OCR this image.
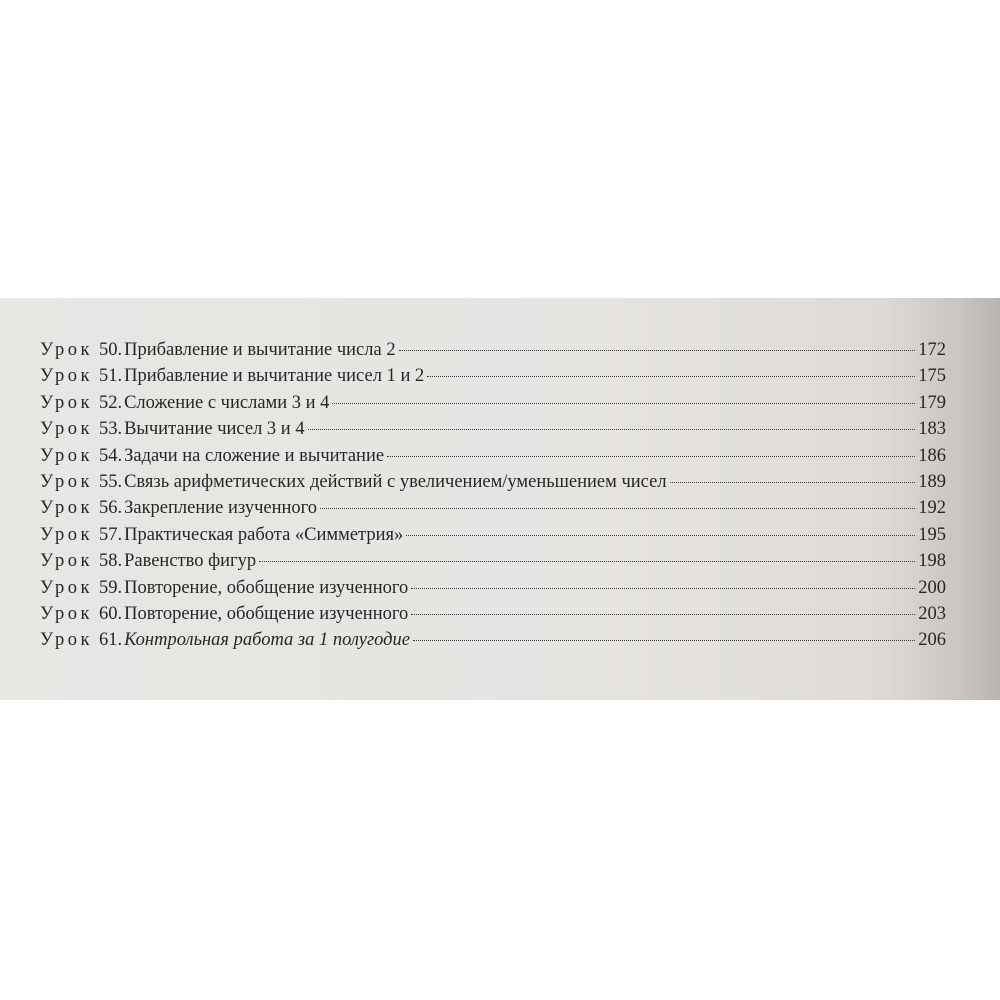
Урок 50. Прибавление и вычитание числа 2	172
Урок 51. Прибавление и вычитание чисел 1 и 2	175
Урок 52. Сложение с числами 3 и 4	179
Урок 53. Вычитание чисел 3 и 4	183
Урок 54. Задачи на сложение и вычитание	186
Урок 55. Связь арифметических действий с увеличением/уменьшением чисел	189
Урок 56. Закрепление изученного	192
Урок 57. Практическая работа «Симметрия»	195
Урок 58. Равенство фигур	198
Урок 59. Повторение, обобщение изученного	200
Урок 60. Повторение, обобщение изученного	203
Урок 61. Контрольная работа за 1 полугодие	206
